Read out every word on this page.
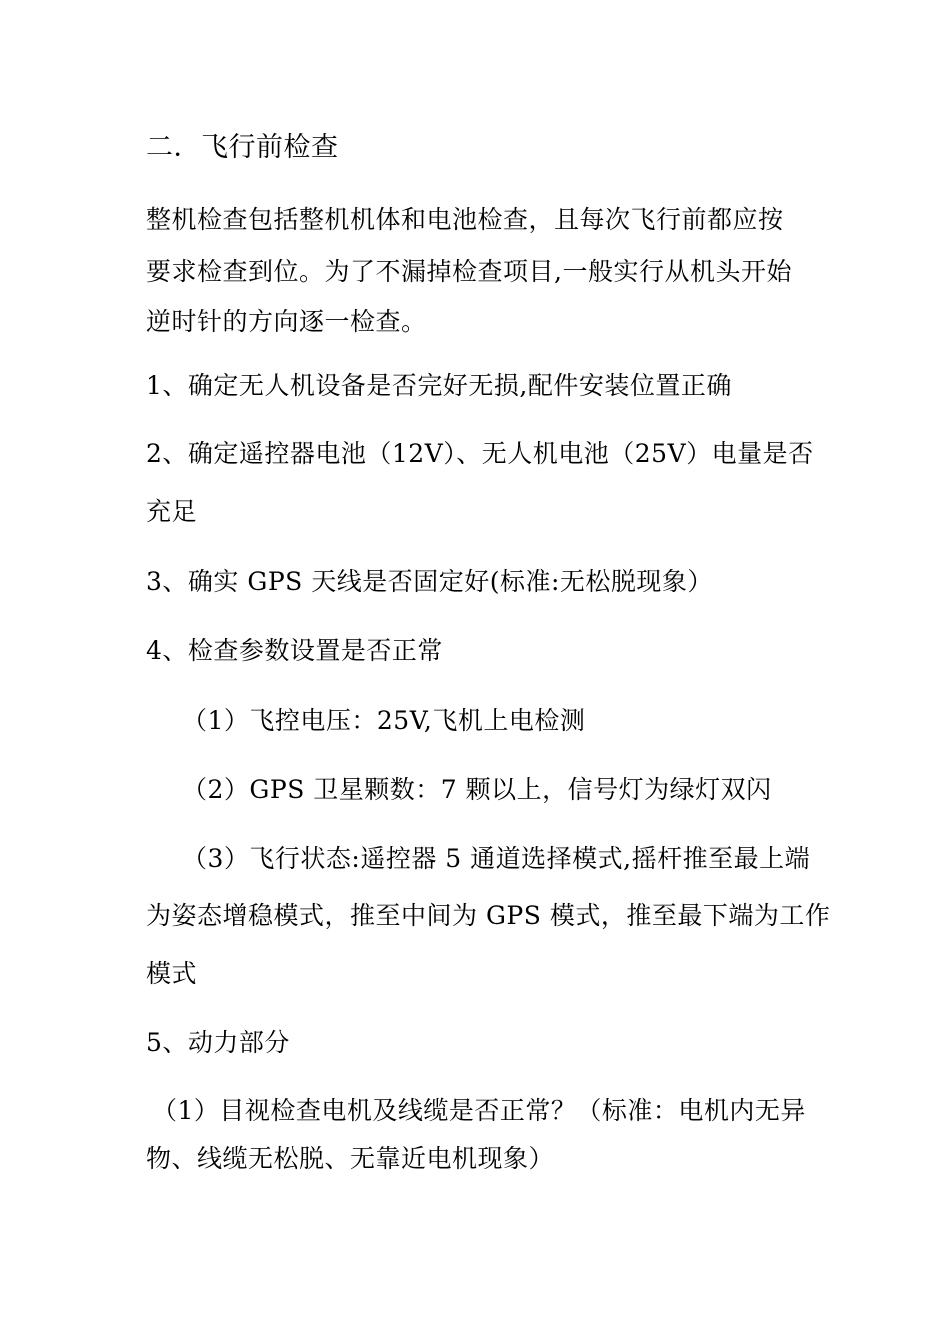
二．飞行前检查
整机检查包括整机机体和电池检查，且每次飞行前都应按
要求检查到位。为了不漏掉检查项目,一般实行从机头开始
逆时针的方向逐一检查。
1、确定无人机设备是否完好无损,配件安装位置正确
2、确定遥控器电池（12V）、无人机电池（25V）电量是否
充足
3、确实 GPS 天线是否固定好(标准:无松脱现象）
4、检查参数设置是否正常
（1）飞控电压：25V,飞机上电检测
（2）GPS 卫星颗数：7 颗以上，信号灯为绿灯双闪
（3）飞行状态:遥控器 5 通道选择模式,摇杆推至最上端
为姿态增稳模式，推至中间为 GPS 模式，推至最下端为工作
模式
5、动力部分
（1）目视检查电机及线缆是否正常？（标准：电机内无异
物、线缆无松脱、无靠近电机现象）
